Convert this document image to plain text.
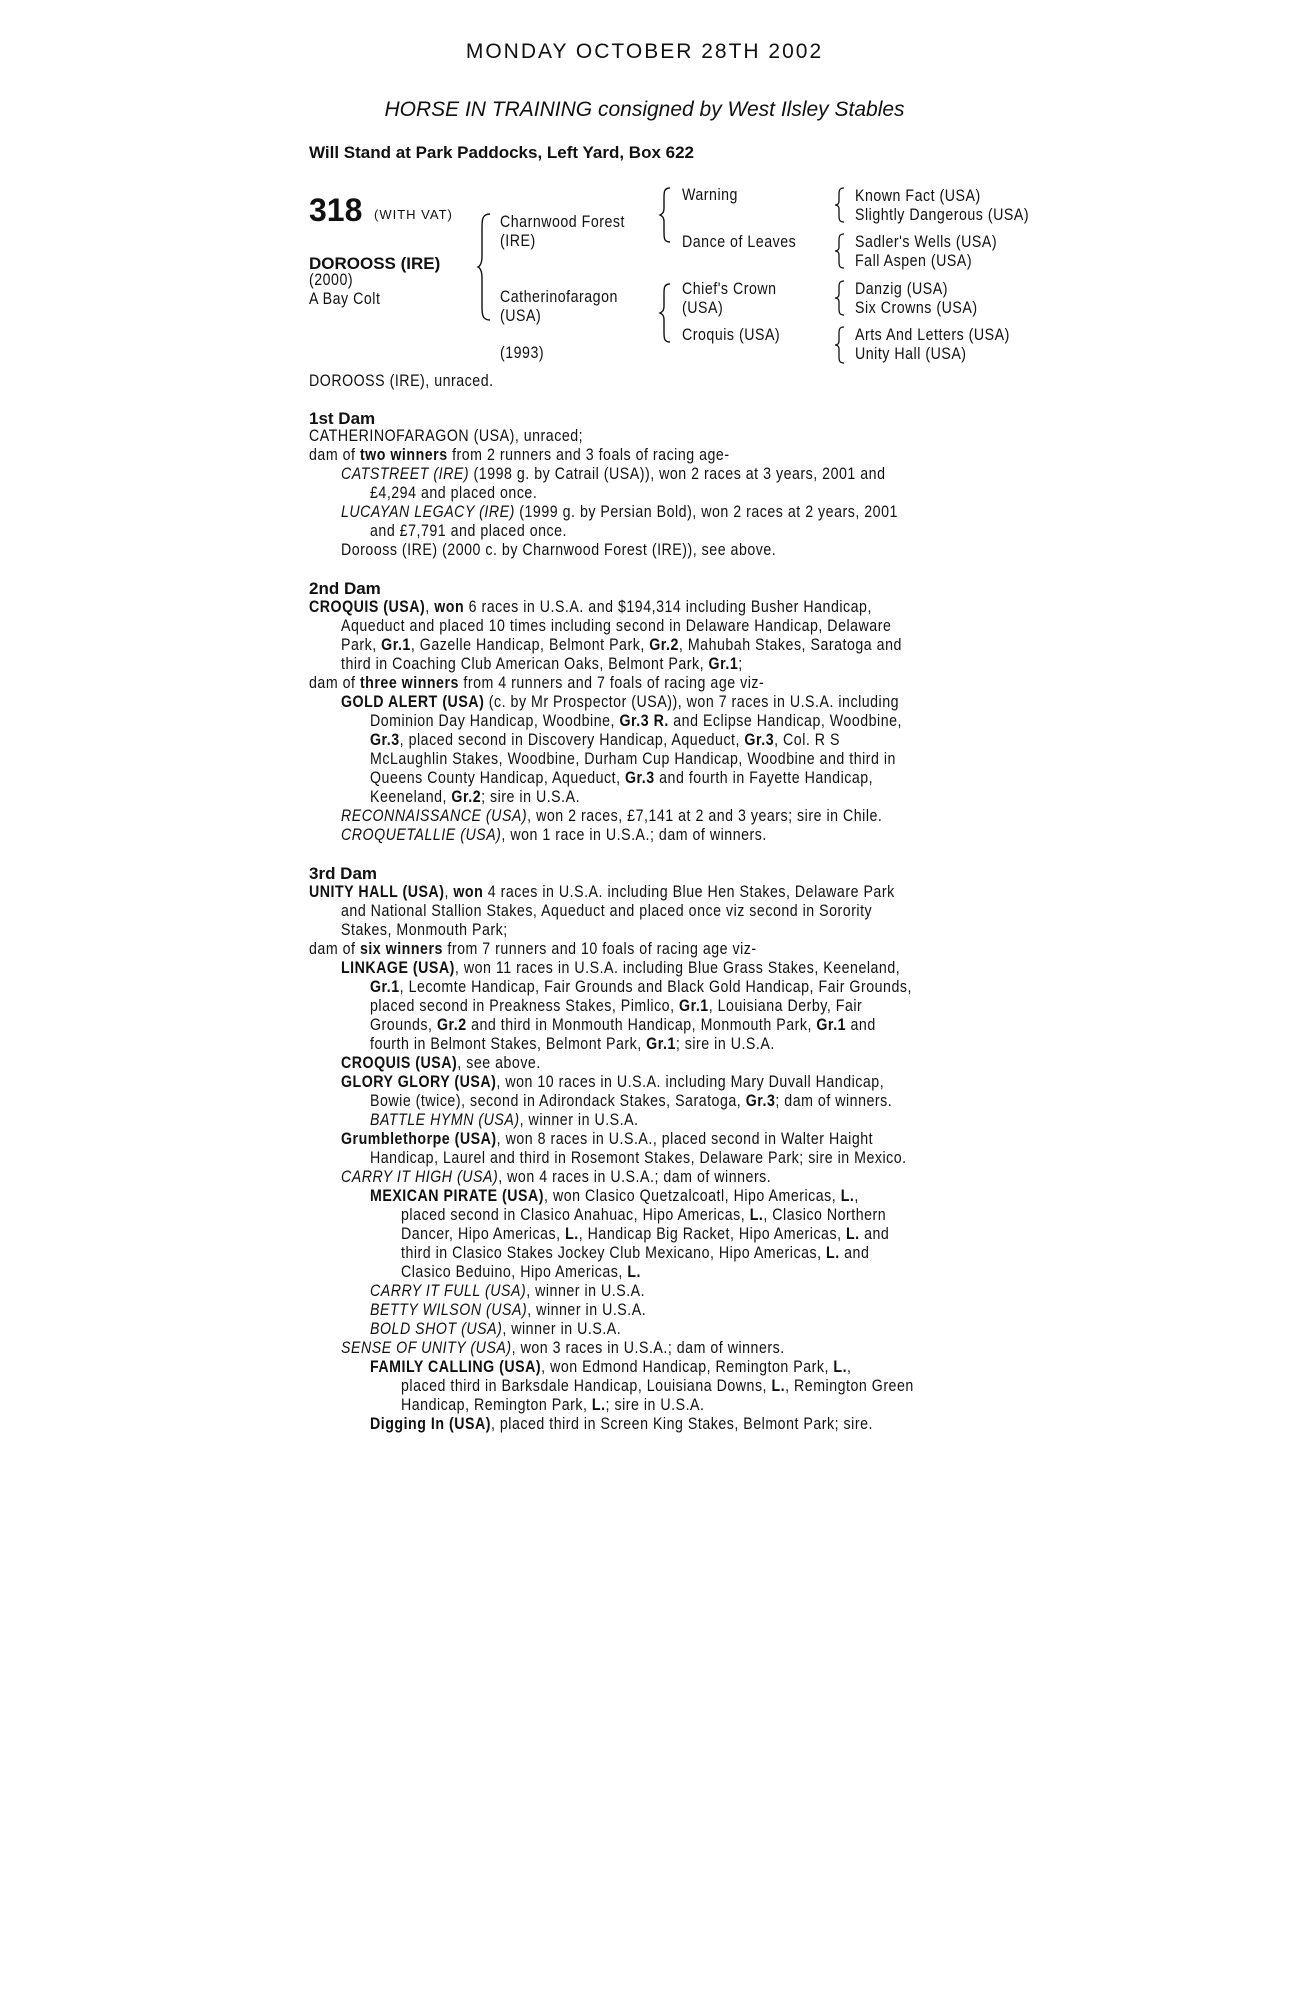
MONDAY OCTOBER 28TH 2002
HORSE IN TRAINING consigned by West Ilsley Stables
Will Stand at Park Paddocks, Left Yard, Box 622
318 (WITH VAT)
DOROOSS (IRE)
(2000)
A Bay Colt
Charnwood Forest
(IRE)
Catherinofaragon
(USA)
(1993)
Warning
Dance of Leaves
Chief's Crown
(USA)
Croquis (USA)
Known Fact (USA)
Slightly Dangerous (USA)
Sadler's Wells (USA)
Fall Aspen (USA)
Danzig (USA)
Six Crowns (USA)
Arts And Letters (USA)
Unity Hall (USA)
DOROOSS (IRE), unraced.
1st Dam
CATHERINOFARAGON (USA), unraced;
dam of two winners from 2 runners and 3 foals of racing age-
CATSTREET (IRE) (1998 g. by Catrail (USA)), won 2 races at 3 years, 2001 and
£4,294 and placed once.
LUCAYAN LEGACY (IRE) (1999 g. by Persian Bold), won 2 races at 2 years, 2001
and £7,791 and placed once.
Dorooss (IRE) (2000 c. by Charnwood Forest (IRE)), see above.
2nd Dam
CROQUIS (USA), won 6 races in U.S.A. and $194,314 including Busher Handicap,
Aqueduct and placed 10 times including second in Delaware Handicap, Delaware
Park, Gr.1, Gazelle Handicap, Belmont Park, Gr.2, Mahubah Stakes, Saratoga and
third in Coaching Club American Oaks, Belmont Park, Gr.1;
dam of three winners from 4 runners and 7 foals of racing age viz-
GOLD ALERT (USA) (c. by Mr Prospector (USA)), won 7 races in U.S.A. including
Dominion Day Handicap, Woodbine, Gr.3 R. and Eclipse Handicap, Woodbine,
Gr.3, placed second in Discovery Handicap, Aqueduct, Gr.3, Col. R S
McLaughlin Stakes, Woodbine, Durham Cup Handicap, Woodbine and third in
Queens County Handicap, Aqueduct, Gr.3 and fourth in Fayette Handicap,
Keeneland, Gr.2; sire in U.S.A.
RECONNAISSANCE (USA), won 2 races, £7,141 at 2 and 3 years; sire in Chile.
CROQUETALLIE (USA), won 1 race in U.S.A.; dam of winners.
3rd Dam
UNITY HALL (USA), won 4 races in U.S.A. including Blue Hen Stakes, Delaware Park
and National Stallion Stakes, Aqueduct and placed once viz second in Sorority
Stakes, Monmouth Park;
dam of six winners from 7 runners and 10 foals of racing age viz-
LINKAGE (USA), won 11 races in U.S.A. including Blue Grass Stakes, Keeneland,
Gr.1, Lecomte Handicap, Fair Grounds and Black Gold Handicap, Fair Grounds,
placed second in Preakness Stakes, Pimlico, Gr.1, Louisiana Derby, Fair
Grounds, Gr.2 and third in Monmouth Handicap, Monmouth Park, Gr.1 and
fourth in Belmont Stakes, Belmont Park, Gr.1; sire in U.S.A.
CROQUIS (USA), see above.
GLORY GLORY (USA), won 10 races in U.S.A. including Mary Duvall Handicap,
Bowie (twice), second in Adirondack Stakes, Saratoga, Gr.3; dam of winners.
BATTLE HYMN (USA), winner in U.S.A.
Grumblethorpe (USA), won 8 races in U.S.A., placed second in Walter Haight
Handicap, Laurel and third in Rosemont Stakes, Delaware Park; sire in Mexico.
CARRY IT HIGH (USA), won 4 races in U.S.A.; dam of winners.
MEXICAN PIRATE (USA), won Clasico Quetzalcoatl, Hipo Americas, L.,
placed second in Clasico Anahuac, Hipo Americas, L., Clasico Northern
Dancer, Hipo Americas, L., Handicap Big Racket, Hipo Americas, L. and
third in Clasico Stakes Jockey Club Mexicano, Hipo Americas, L. and
Clasico Beduino, Hipo Americas, L.
CARRY IT FULL (USA), winner in U.S.A.
BETTY WILSON (USA), winner in U.S.A.
BOLD SHOT (USA), winner in U.S.A.
SENSE OF UNITY (USA), won 3 races in U.S.A.; dam of winners.
FAMILY CALLING (USA), won Edmond Handicap, Remington Park, L.,
placed third in Barksdale Handicap, Louisiana Downs, L., Remington Green
Handicap, Remington Park, L.; sire in U.S.A.
Digging In (USA), placed third in Screen King Stakes, Belmont Park; sire.
